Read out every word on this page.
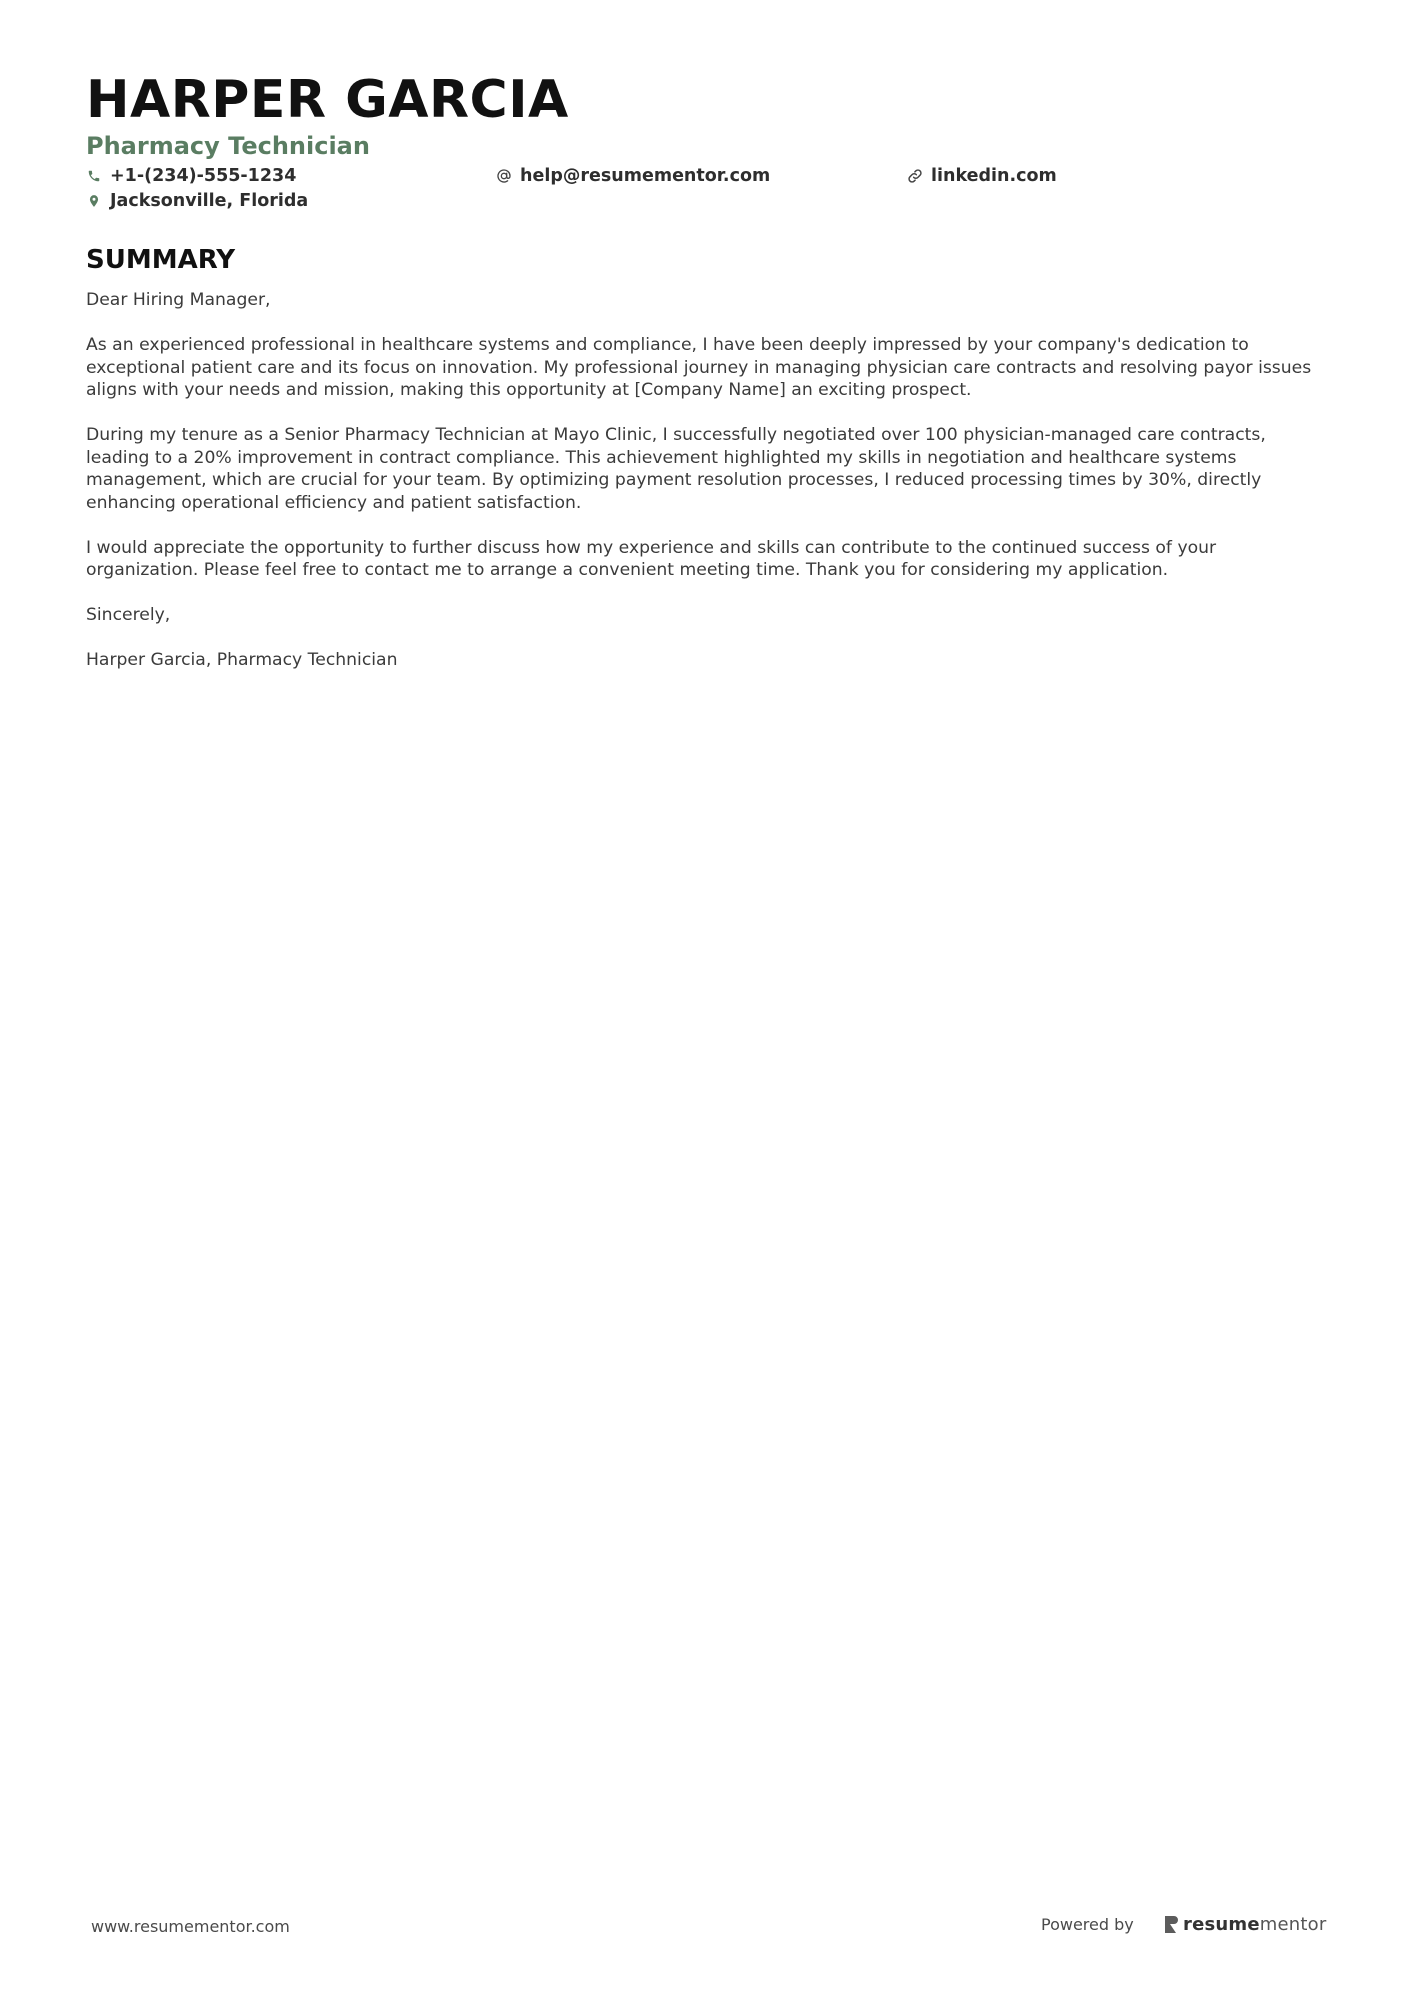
HARPER GARCIA
Pharmacy Technician
+1-(234)-555-1234	help@resumementor.com	linkedin.com
Jacksonville, Florida
SUMMARY

Dear Hiring Manager,

As an experienced professional in healthcare systems and compliance, I have been deeply impressed by your company's dedication to exceptional patient care and its focus on innovation. My professional journey in managing physician care contracts and resolving payor issues aligns with your needs and mission, making this opportunity at [Company Name] an exciting prospect.

During my tenure as a Senior Pharmacy Technician at Mayo Clinic, I successfully negotiated over 100 physician-managed care contracts, leading to a 20% improvement in contract compliance. This achievement highlighted my skills in negotiation and healthcare systems management, which are crucial for your team. By optimizing payment resolution processes, I reduced processing times by 30%, directly enhancing operational efficiency and patient satisfaction.

I would appreciate the opportunity to further discuss how my experience and skills can contribute to the continued success of your organization. Please feel free to contact me to arrange a convenient meeting time. Thank you for considering my application.

Sincerely,

Harper Garcia, Pharmacy Technician

www.resumementor.com	Powered by	resumementor
